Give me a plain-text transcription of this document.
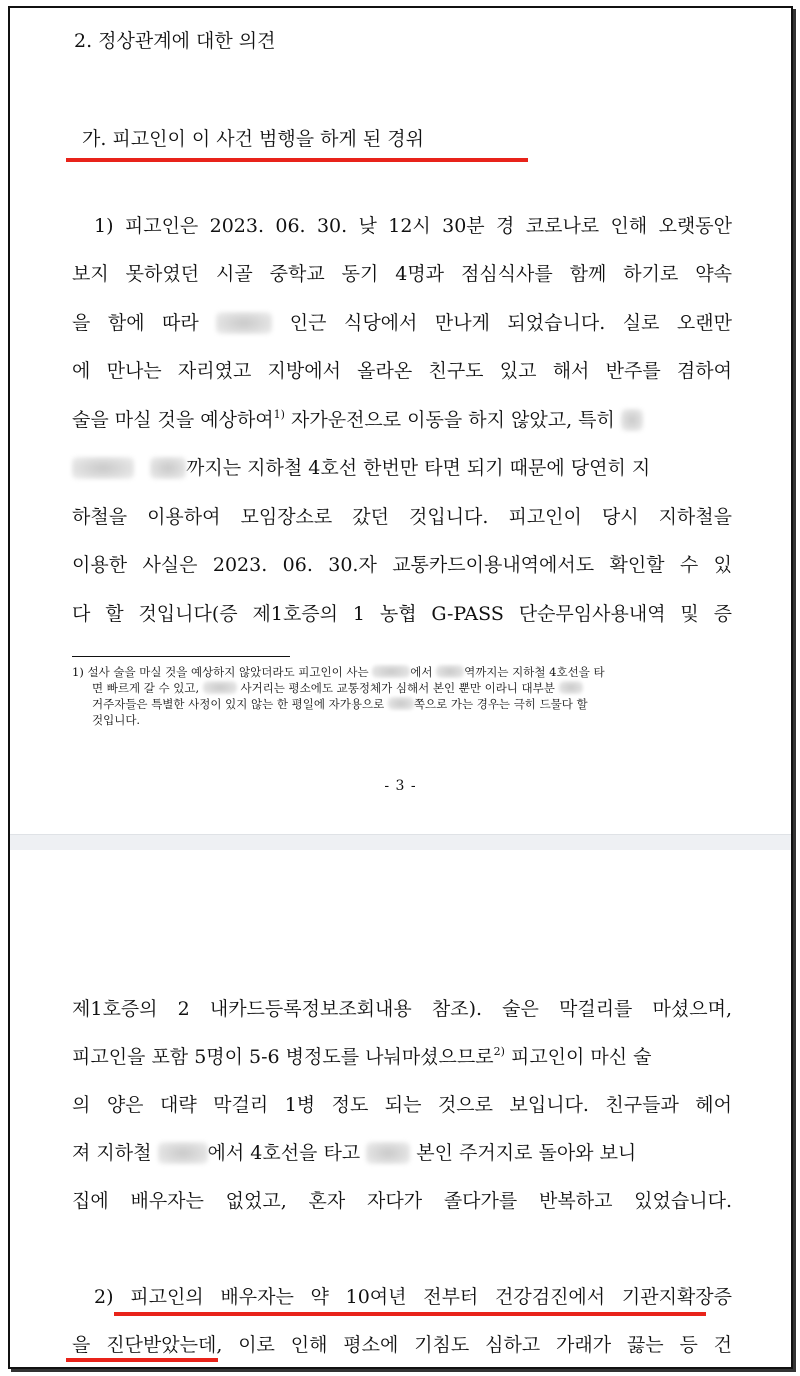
2. 정상관계에 대한 의견
가. 피고인이 이 사건 범행을 하게 된 경위
1) 피고인은 2023. 06. 30. 낮 12시 30분 경 코로나로 인해 오랫동안
보지 못하였던 시골 중학교 동기 4명과 점심식사를 함께 하기로 약속
을 함에 따라	인근 식당에서 만나게 되었습니다. 실로 오랜만
에 만나는 자리였고 지방에서 올라온 친구도 있고 해서 반주를 겸하여
술을 마실 것을 예상하여$^{1)}$ 자가운전으로 이동을 하지 않았고, 특히
까지는 지하철 4호선 한번만 타면 되기 때문에 당연히 지
하철을 이용하여 모임장소로 갔던 것입니다. 피고인이 당시 지하철을
이용한 사실은 2023. 06. 30.자 교통카드이용내역에서도 확인할 수 있
다 할 것입니다(증 제1호증의 1 농협 G-PASS 단순무임사용내역 및 증
1) 설사 술을 마실 것을 예상하지 않았더라도 피고인이 사는	에서	역까지는 지하철 4호선을 타
면 빠르게 갈 수 있고,	사거리는 평소에도 교통정체가 심해서 본인 뿐만 이라니 대부분
거주자들은 특별한 사정이 있지 않는 한 평일에 자가용으로	쪽으로 가는 경우는 극히 드물다 할
것입니다.
- 3 -
제1호증의 2 내카드등록정보조회내용 참조). 술은 막걸리를 마셨으며,
피고인을 포함 5명이 5-6 병정도를 나눠마셨으므로$^{2)}$ 피고인이 마신 술
의 양은 대략 막걸리 1병 정도 되는 것으로 보입니다. 친구들과 헤어
져 지하철	에서 4호선을 타고	본인 주거지로 돌아와 보니
집에 배우자는 없었고, 혼자 자다가 졸다가를 반복하고 있었습니다.
2) 피고인의 배우자는 약 10여년 전부터 건강검진에서 기관지확장증
을 진단받았는데, 이로 인해 평소에 기침도 심하고 가래가 끓는 등 건
